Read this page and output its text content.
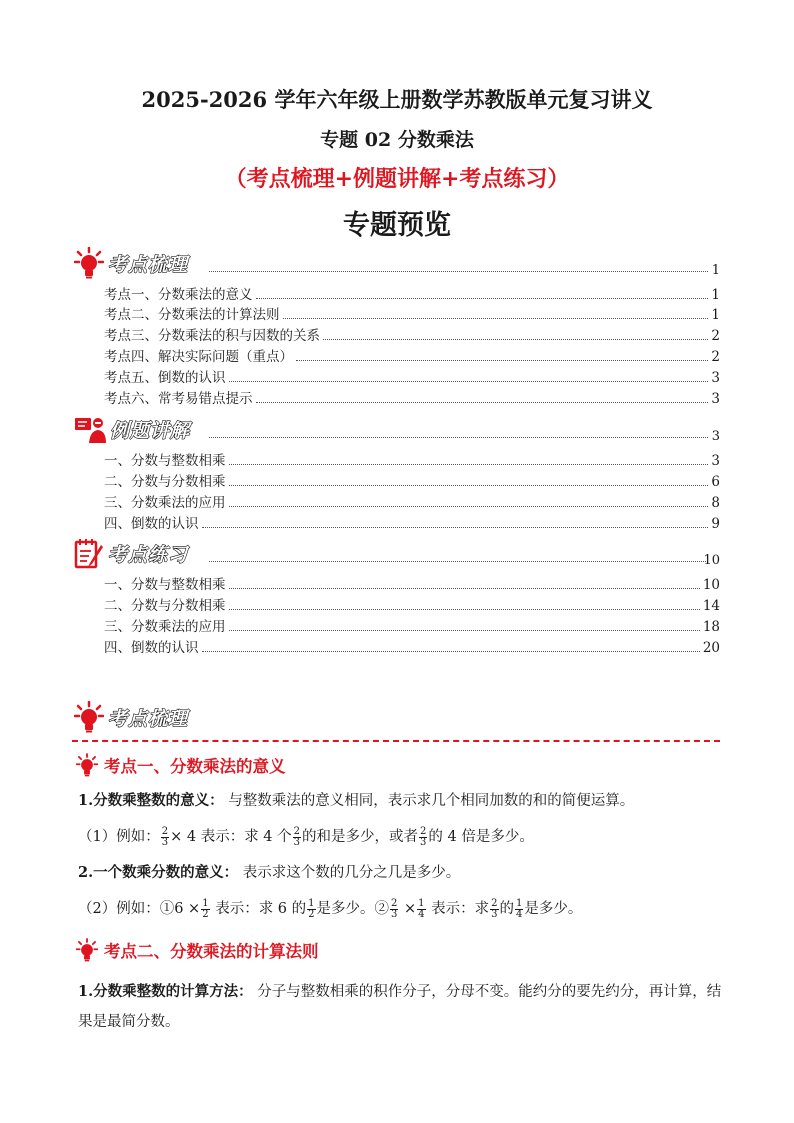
2025-2026 学年六年级上册数学苏教版单元复习讲义
专题 02 分数乘法
（考点梳理+例题讲解+考点练习）
专题预览
考点梳理	1
考点一、分数乘法的意义	1
考点二、分数乘法的计算法则	1
考点三、分数乘法的积与因数的关系	2
考点四、解决实际问题（重点）	2
考点五、倒数的认识	3
考点六、常考易错点提示	3
例题讲解	3
一、分数与整数相乘	3
二、分数与分数相乘	6
三、分数乘法的应用	8
四、倒数的认识	9
考点练习	10
一、分数与整数相乘	10
二、分数与分数相乘	14
三、分数乘法的应用	18
四、倒数的认识	20
考点梳理
考点一、分数乘法的意义
1.分数乘整数的意义： 与整数乘法的意义相同，表示求几个相同加数的和的简便运算。
（1）例如： $\frac{2}{3} \times 4$ 表示：求 4 个 $\frac{2}{3}$ 的和是多少，或者 $\frac{2}{3}$ 的 4 倍是多少。
2.一个数乘分数的意义： 表示求这个数的几分之几是多少。
（2）例如：①6 × $\frac{1}{2}$ 表示：求 6 的 $\frac{1}{2}$ 是多少。② $\frac{2}{3} \times \frac{1}{4}$ 表示：求 $\frac{2}{3}$ 的 $\frac{1}{4}$ 是多少。
考点二、分数乘法的计算法则
1.分数乘整数的计算方法： 分子与整数相乘的积作分子，分母不变。能约分的要先约分，再计算，结果是最简分数。
